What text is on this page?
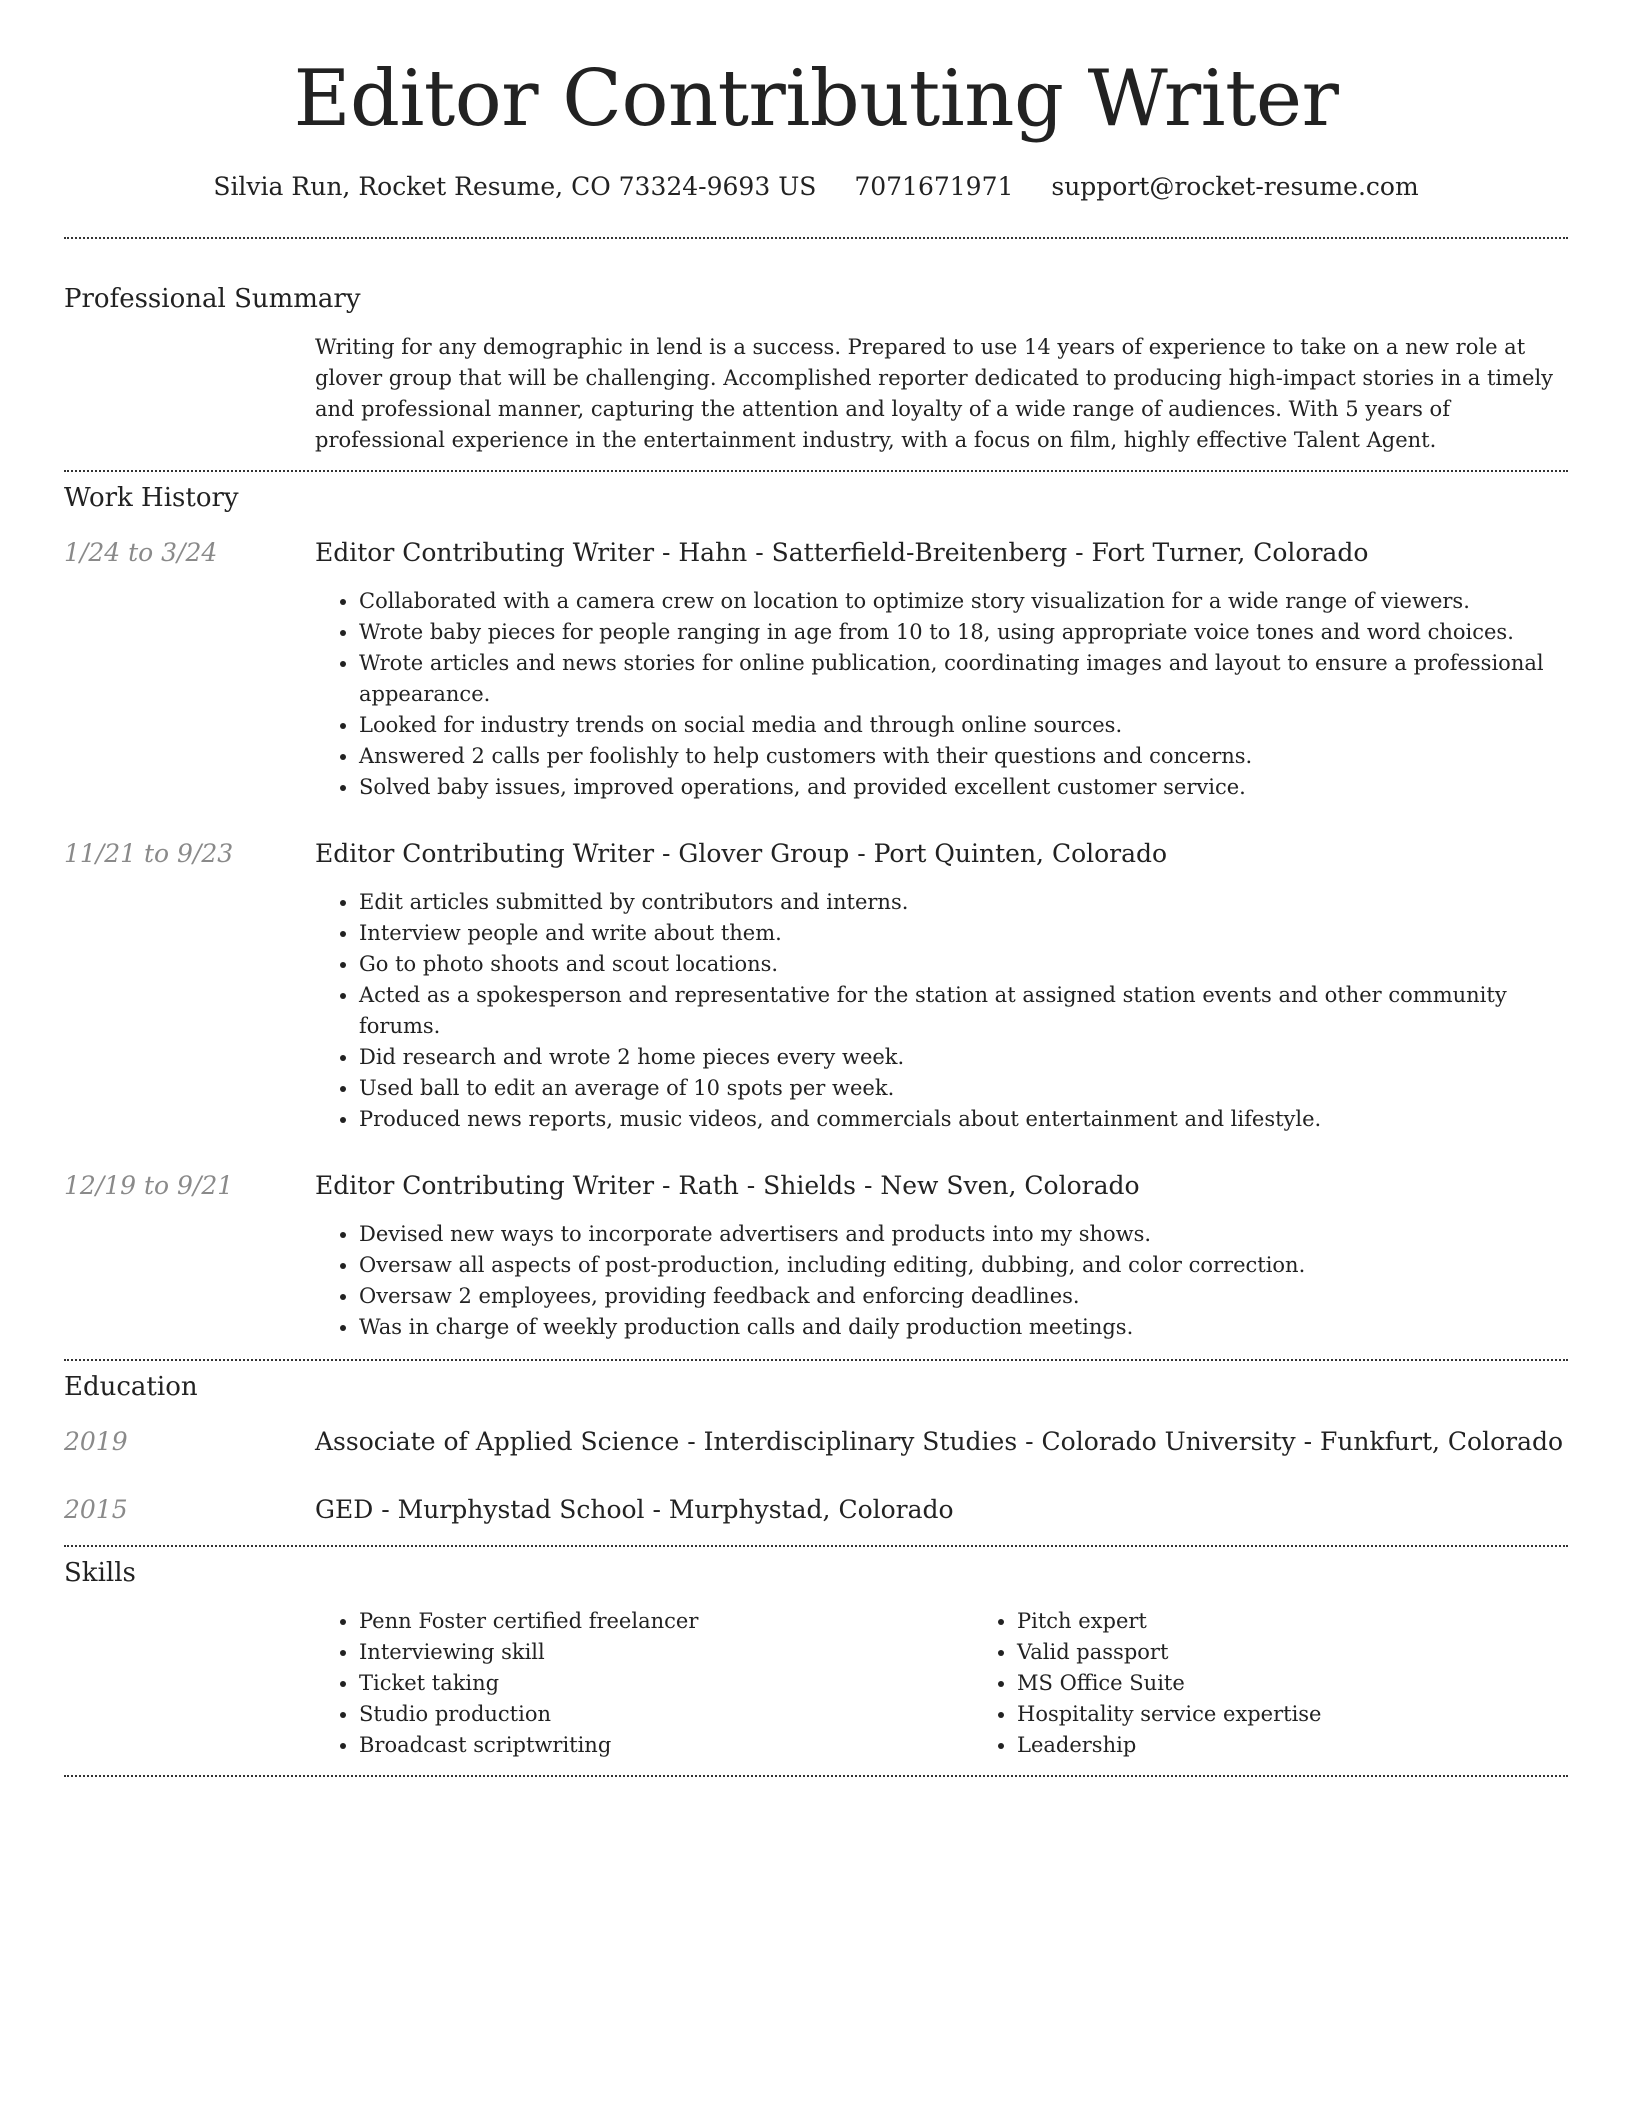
Editor Contributing Writer
Silvia Run, Rocket Resume, CO 73324-9693 US 7071671971 support@rocket-resume.com
Professional Summary

Writing for any demographic in lend is a success. Prepared to use 14 years of experience to take on a new role at glover group that will be challenging. Accomplished reporter dedicated to producing high-impact stories in a timely and professional manner, capturing the attention and loyalty of a wide range of audiences. With 5 years of professional experience in the entertainment industry, with a focus on film, highly effective Talent Agent.

Work History
1/24 to 3/24	Editor Contributing Writer - Hahn - Satterfield-Breitenberg - Fort Turner, Colorado
• Collaborated with a camera crew on location to optimize story visualization for a wide range of viewers.
• Wrote baby pieces for people ranging in age from 10 to 18, using appropriate voice tones and word choices.
• Wrote articles and news stories for online publication, coordinating images and layout to ensure a professional appearance.
• Looked for industry trends on social media and through online sources.
• Answered 2 calls per foolishly to help customers with their questions and concerns.
• Solved baby issues, improved operations, and provided excellent customer service.
11/21 to 9/23	Editor Contributing Writer - Glover Group - Port Quinten, Colorado
• Edit articles submitted by contributors and interns.
• Interview people and write about them.
• Go to photo shoots and scout locations.
• Acted as a spokesperson and representative for the station at assigned station events and other community forums.
• Did research and wrote 2 home pieces every week.
• Used ball to edit an average of 10 spots per week.
• Produced news reports, music videos, and commercials about entertainment and lifestyle.
12/19 to 9/21	Editor Contributing Writer - Rath - Shields - New Sven, Colorado
• Devised new ways to incorporate advertisers and products into my shows.
• Oversaw all aspects of post-production, including editing, dubbing, and color correction.
• Oversaw 2 employees, providing feedback and enforcing deadlines.
• Was in charge of weekly production calls and daily production meetings.
Education
2019	Associate of Applied Science - Interdisciplinary Studies - Colorado University - Funkfurt, Colorado
2015	GED - Murphystad School - Murphystad, Colorado
Skills
• Penn Foster certified freelancer
• Interviewing skill
• Ticket taking
• Studio production
• Broadcast scriptwriting
• Pitch expert
• Valid passport
• MS Office Suite
• Hospitality service expertise
• Leadership
